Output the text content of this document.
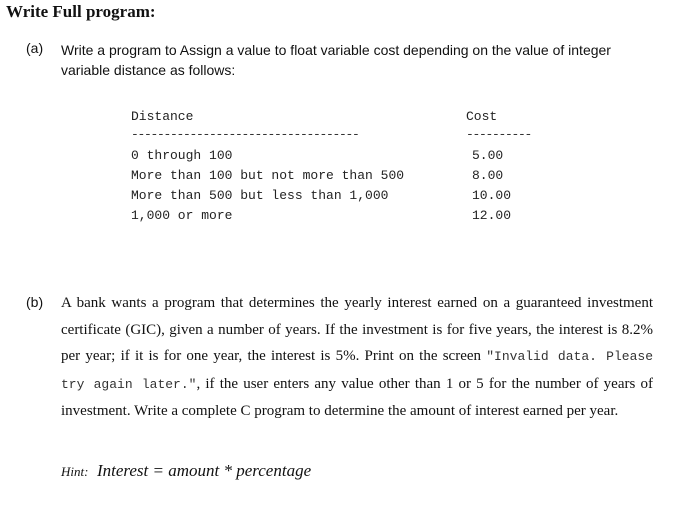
Write Full program:
(a) Write a program to Assign a value to float variable cost depending on the value of integer variable distance as follows:
Distance	Cost
-----------------------------------	----------
0 through 100	5.00
More than 100 but not more than 500	8.00
More than 500 but less than 1,000	10.00
1,000 or more	12.00
(b) A bank wants a program that determines the yearly interest earned on a guaranteed investment certificate (GIC), given a number of years. If the investment is for five years, the interest is 8.2% per year; if it is for one year, the interest is 5%. Print on the screen "Invalid data. Please try again later.", if the user enters any value other than 1 or 5 for the number of years of investment. Write a complete C program to determine the amount of interest earned per year.
Hint: Interest = amount * percentage
